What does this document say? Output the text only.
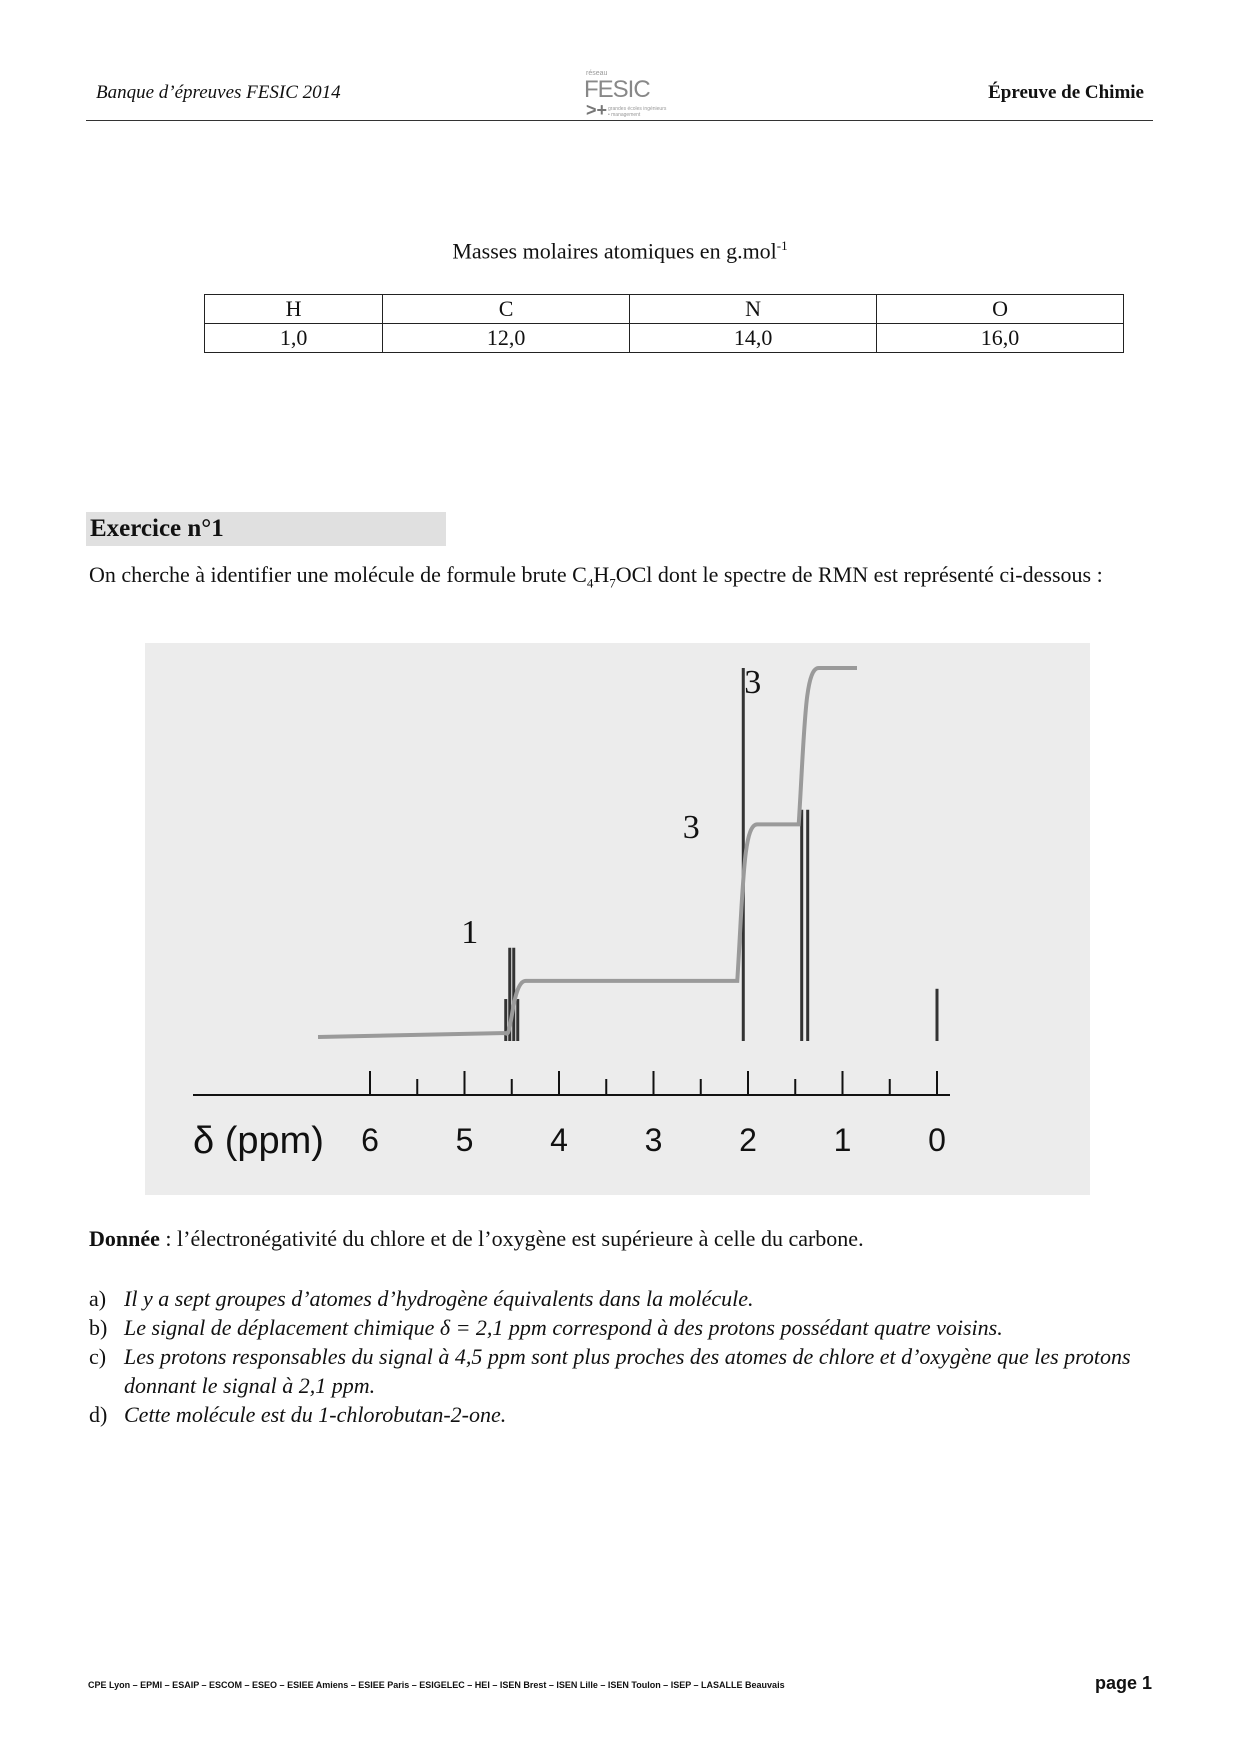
Banque d’épreuves FESIC 2014
réseau
FESIC
>+ grandes écoles ingénieurs • management
Épreuve de Chimie
Masses molaires atomiques en g.mol$^{-1}$
H	C	N	O
1,0	12,0	14,0	16,0
Exercice n°1
On cherche à identifier une molécule de formule brute $C_4H_7OCl$ dont le spectre de RMN est représenté ci-dessous :
6 5 4 3 2 1 0
δ (ppm)
1
3
3
Donnée : l’électronégativité du chlore et de l’oxygène est supérieure à celle du carbone.
a) Il y a sept groupes d’atomes d’hydrogène équivalents dans la molécule.
b) Le signal de déplacement chimique δ = 2,1 ppm correspond à des protons possédant quatre voisins.
c) Les protons responsables du signal à 4,5 ppm sont plus proches des atomes de chlore et d’oxygène que les protons donnant le signal à 2,1 ppm.
d) Cette molécule est du 1-chlorobutan-2-one.
CPE Lyon – EPMI – ESAIP – ESCOM – ESEO – ESIEE Amiens – ESIEE Paris – ESIGELEC – HEI – ISEN Brest – ISEN Lille – ISEN Toulon – ISEP – LASALLE Beauvais	page 1
